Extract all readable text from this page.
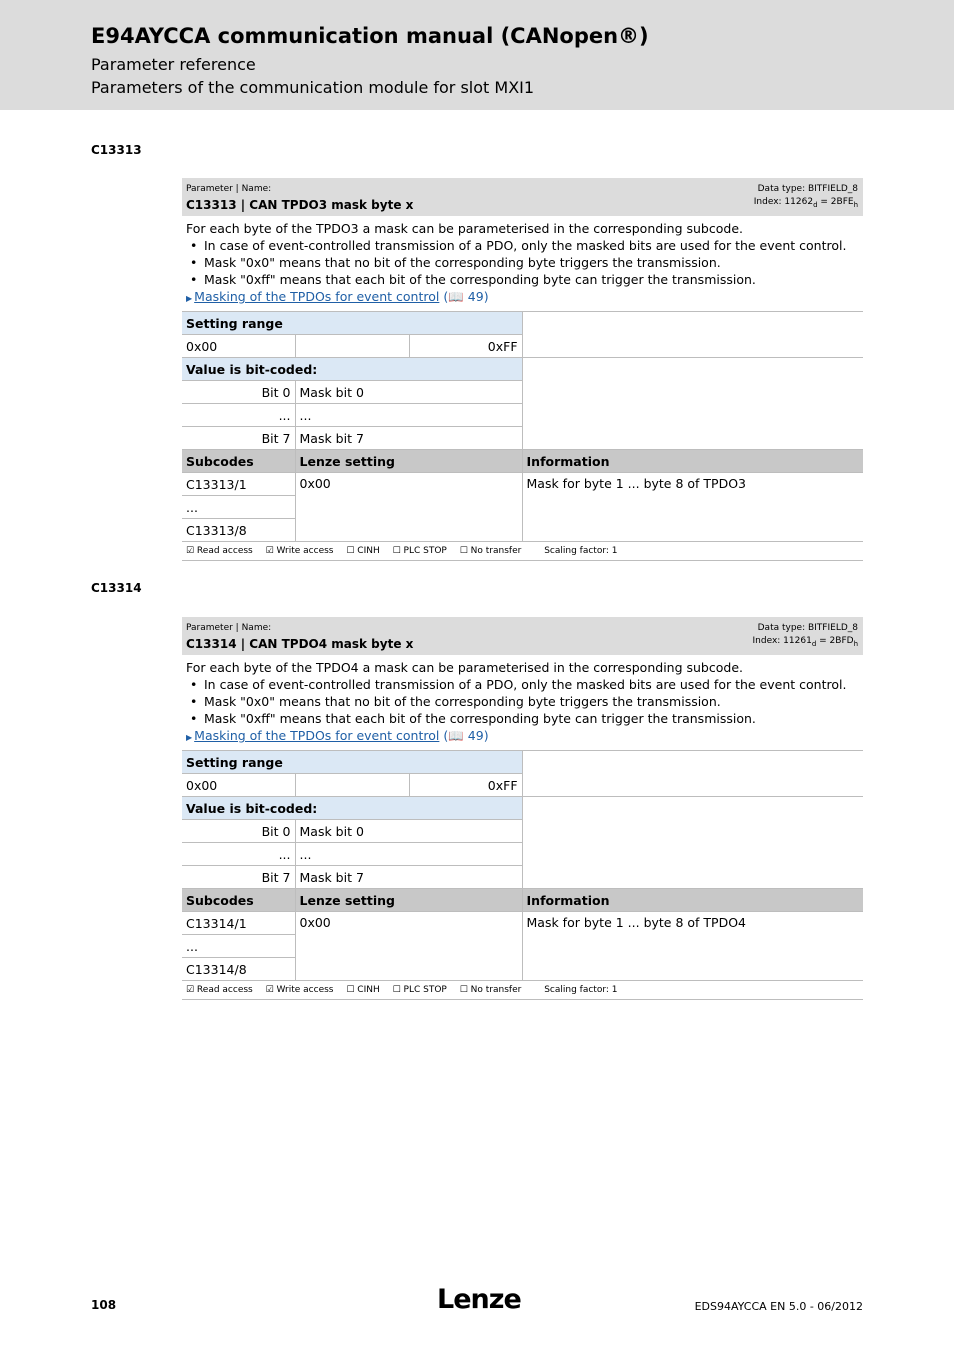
E94AYCCA communication manual (CANopen®)
Parameter reference
Parameters of the communication module for slot MXI1
C13313
Parameter | Name:
C13313 | CAN TPDO3 mask byte x
Data type: BITFIELD_8
Index: $11262_d = 2BFE_h$
For each byte of the TPDO3 a mask can be parameterised in the corresponding subcode.
• In case of event-controlled transmission of a PDO, only the masked bits are used for the event control.
• Mask "0x0" means that no bit of the corresponding byte triggers the transmission.
• Mask "0xff" means that each bit of the corresponding byte can trigger the transmission.
▶ Masking of the TPDOs for event control (📖 49)
Setting range			
0x00		0xFF	
Value is bit-coded:			
Bit 0	Mask bit 0		
...	...		
Bit 7	Mask bit 7		
Subcodes	Lenze setting		Information
C13313/1	0x00		Mask for byte 1 ... byte 8 of TPDO3
...			
C13313/8			
☑ Read access ☑ Write access ☐ CINH ☐ PLC STOP ☐ No transfer Scaling factor: 1			
C13314
Parameter | Name:
C13314 | CAN TPDO4 mask byte x
Data type: BITFIELD_8
Index: $11261_d = 2BFD_h$
For each byte of the TPDO4 a mask can be parameterised in the corresponding subcode.
• In case of event-controlled transmission of a PDO, only the masked bits are used for the event control.
• Mask "0x0" means that no bit of the corresponding byte triggers the transmission.
• Mask "0xff" means that each bit of the corresponding byte can trigger the transmission.
▶ Masking of the TPDOs for event control (📖 49)
Setting range			
0x00		0xFF	
Value is bit-coded:			
Bit 0	Mask bit 0		
...	...		
Bit 7	Mask bit 7		
Subcodes	Lenze setting		Information
C13314/1	0x00		Mask for byte 1 ... byte 8 of TPDO4
...			
C13314/8			
☑ Read access ☑ Write access ☐ CINH ☐ PLC STOP ☐ No transfer Scaling factor: 1			
108	Lenze	EDS94AYCCA EN 5.0 - 06/2012
